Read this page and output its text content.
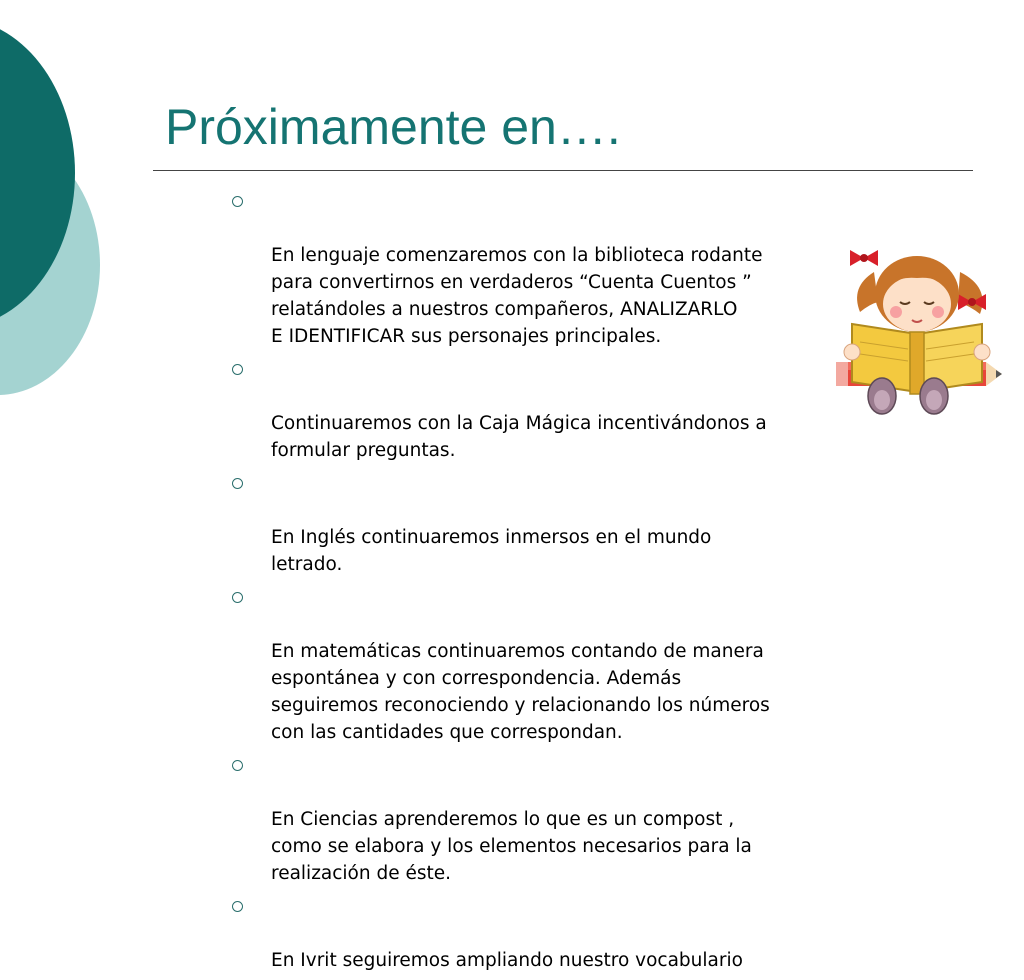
Próximamente en….

En lenguaje comenzaremos con la biblioteca rodante
para convertirnos en verdaderos “Cuenta Cuentos ”
relatándoles a nuestros compañeros, ANALIZARLO
E IDENTIFICAR sus personajes principales.

Continuaremos con la Caja Mágica incentivándonos a
formular preguntas.

En Inglés continuaremos inmersos en el mundo
letrado.

En matemáticas continuaremos contando de manera
espontánea y con correspondencia. Además
seguiremos reconociendo y relacionando los números
con las cantidades que correspondan.

En Ciencias aprenderemos lo que es un compost ,
como se elabora y los elementos necesarios para la
realización de éste.

En Ivrit seguiremos ampliando nuestro vocabulario
